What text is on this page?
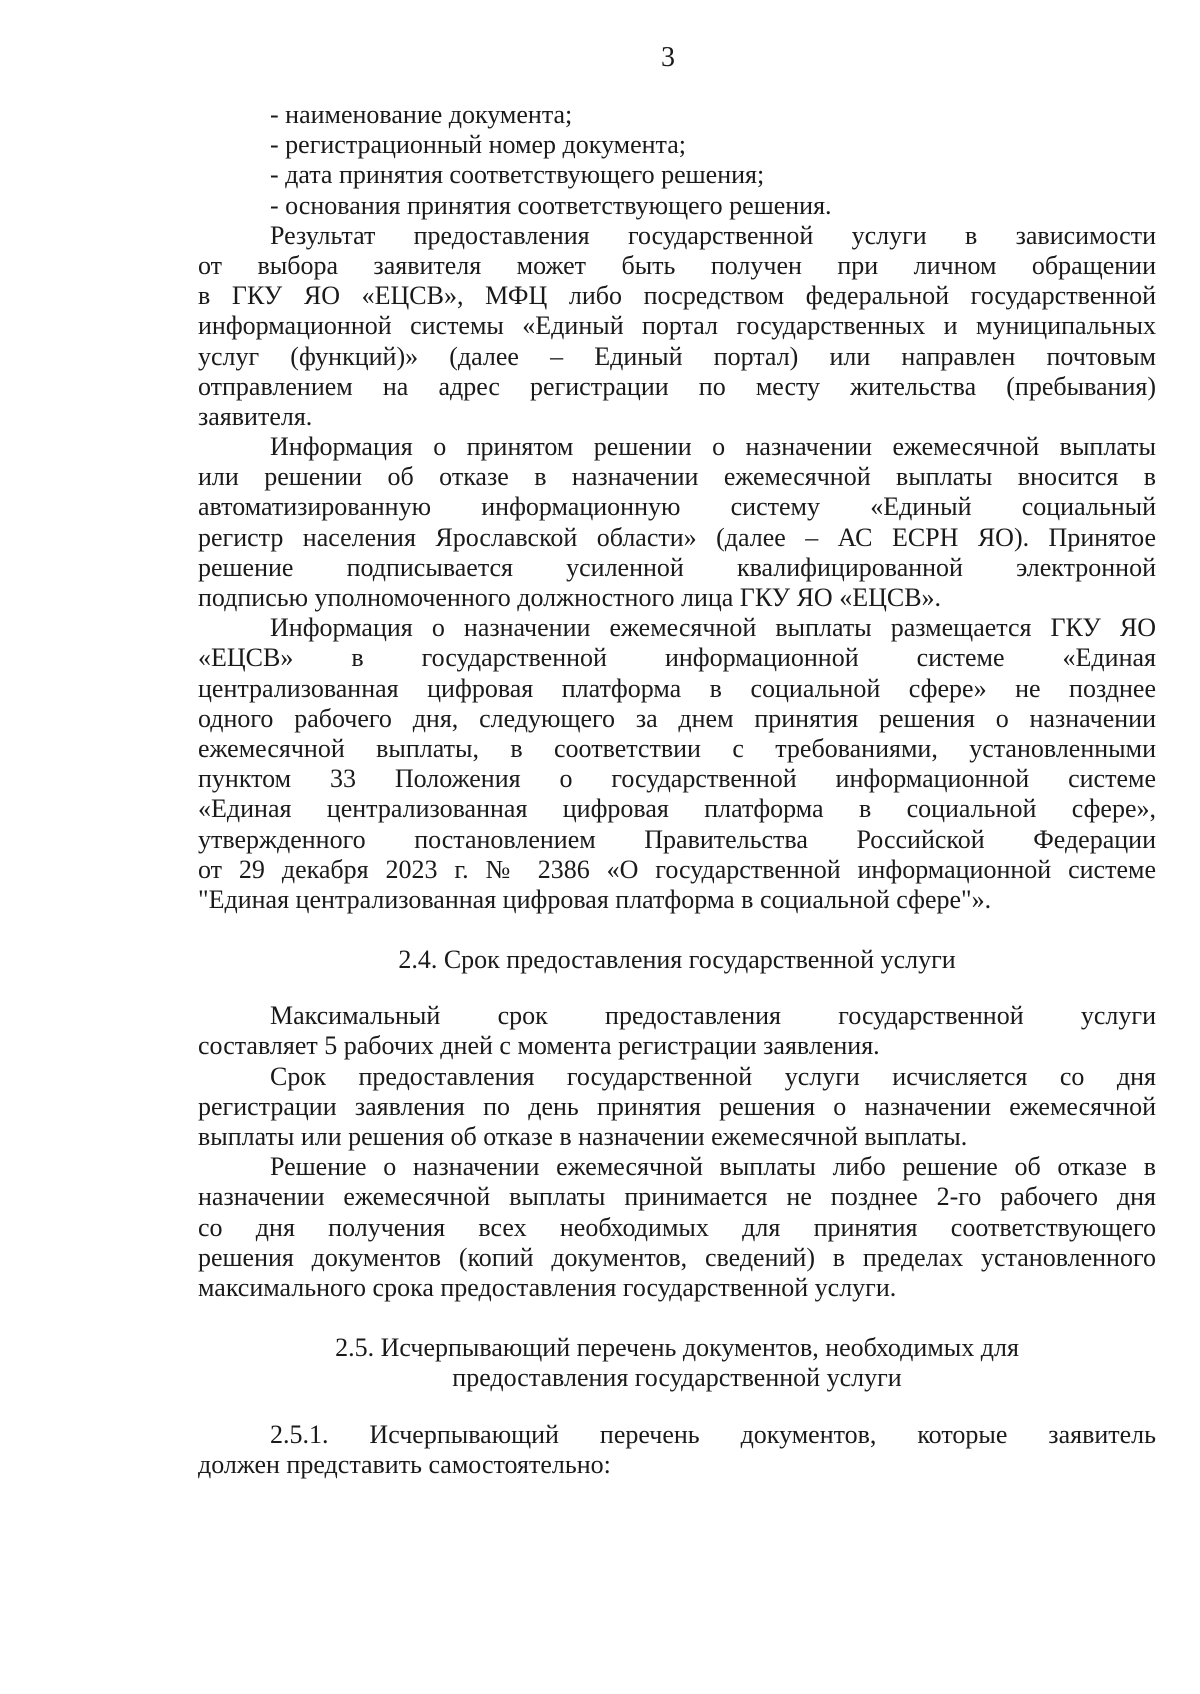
3
- наименование документа;
- регистрационный номер документа;
- дата принятия соответствующего решения;
- основания принятия соответствующего решения.
Результат предоставления государственной услуги в зависимости
от выбора заявителя может быть получен при личном обращении
в ГКУ ЯО «ЕЦСВ», МФЦ либо посредством федеральной государственной
информационной системы «Единый портал государственных и муниципальных
услуг (функций)» (далее – Единый портал) или направлен почтовым
отправлением на адрес регистрации по месту жительства (пребывания)
заявителя.
Информация о принятом решении о назначении ежемесячной выплаты
или решении об отказе в назначении ежемесячной выплаты вносится в
автоматизированную информационную систему «Единый социальный
регистр населения Ярославской области» (далее – АС ЕСРН ЯО). Принятое
решение подписывается усиленной квалифицированной электронной
подписью уполномоченного должностного лица ГКУ ЯО «ЕЦСВ».
Информация о назначении ежемесячной выплаты размещается ГКУ ЯО
«ЕЦСВ» в государственной информационной системе «Единая
централизованная цифровая платформа в социальной сфере» не позднее
одного рабочего дня, следующего за днем принятия решения о назначении
ежемесячной выплаты, в соответствии с требованиями, установленными
пунктом 33 Положения о государственной информационной системе
«Единая централизованная цифровая платформа в социальной сфере»,
утвержденного постановлением Правительства Российской Федерации
от 29 декабря 2023 г. № 2386 «О государственной информационной системе
"Единая централизованная цифровая платформа в социальной сфере"».
2.4. Срок предоставления государственной услуги
Максимальный срок предоставления государственной услуги
составляет 5 рабочих дней с момента регистрации заявления.
Срок предоставления государственной услуги исчисляется со дня
регистрации заявления по день принятия решения о назначении ежемесячной
выплаты или решения об отказе в назначении ежемесячной выплаты.
Решение о назначении ежемесячной выплаты либо решение об отказе в
назначении ежемесячной выплаты принимается не позднее 2-го рабочего дня
со дня получения всех необходимых для принятия соответствующего
решения документов (копий документов, сведений) в пределах установленного
максимального срока предоставления государственной услуги.
2.5. Исчерпывающий перечень документов, необходимых для
предоставления государственной услуги
2.5.1. Исчерпывающий перечень документов, которые заявитель
должен представить самостоятельно:
